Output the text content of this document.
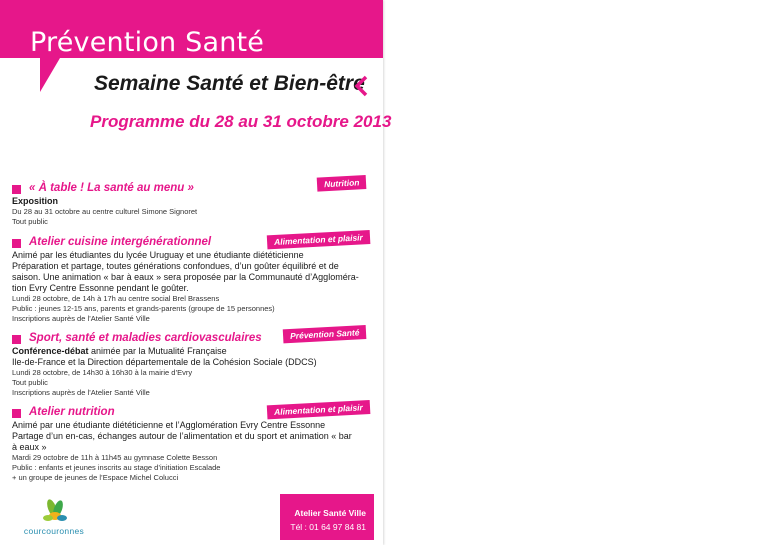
Prévention Santé
Semaine Santé et Bien-être
Programme du 28 au 31 octobre 2013
Nutrition
« À table ! La santé au menu »
Exposition
Du 28 au 31 octobre au centre culturel Simone Signoret
Tout public
Alimentation et plaisir
Atelier cuisine intergénérationnel
Animé par les étudiantes du lycée Uruguay et une étudiante diététicienne
Préparation et partage, toutes générations confondues, d’un goûter équilibré et de
saison. Une animation « bar à eaux » sera proposée par la Communauté d’Aggloméra-
tion Evry Centre Essonne pendant le goûter.
Lundi 28 octobre, de 14h à 17h au centre social Brel Brassens
Public : jeunes 12-15 ans, parents et grands-parents (groupe de 15 personnes)
Inscriptions auprès de l’Atelier Santé Ville
Prévention Santé
Sport, santé et maladies cardiovasculaires
Conférence-débat animée par la Mutualité Française
Ile-de-France et la Direction départementale de la Cohésion Sociale (DDCS)
Lundi 28 octobre, de 14h30 à 16h30 à la mairie d’Evry
Tout public
Inscriptions auprès de l’Atelier Santé Ville
Alimentation et plaisir
Atelier nutrition
Animé par une étudiante diététicienne et l’Agglomération Evry Centre Essonne
Partage d’un en-cas, échanges autour de l’alimentation et du sport et animation « bar
à eaux »
Mardi 29 octobre de 11h à 11h45 au gymnase Colette Besson
Public : enfants et jeunes inscrits au stage d’initiation Escalade
+ un groupe de jeunes de l’Espace Michel Colucci
courcouronnes
Atelier Santé Ville
Tél : 01 64 97 84 81
